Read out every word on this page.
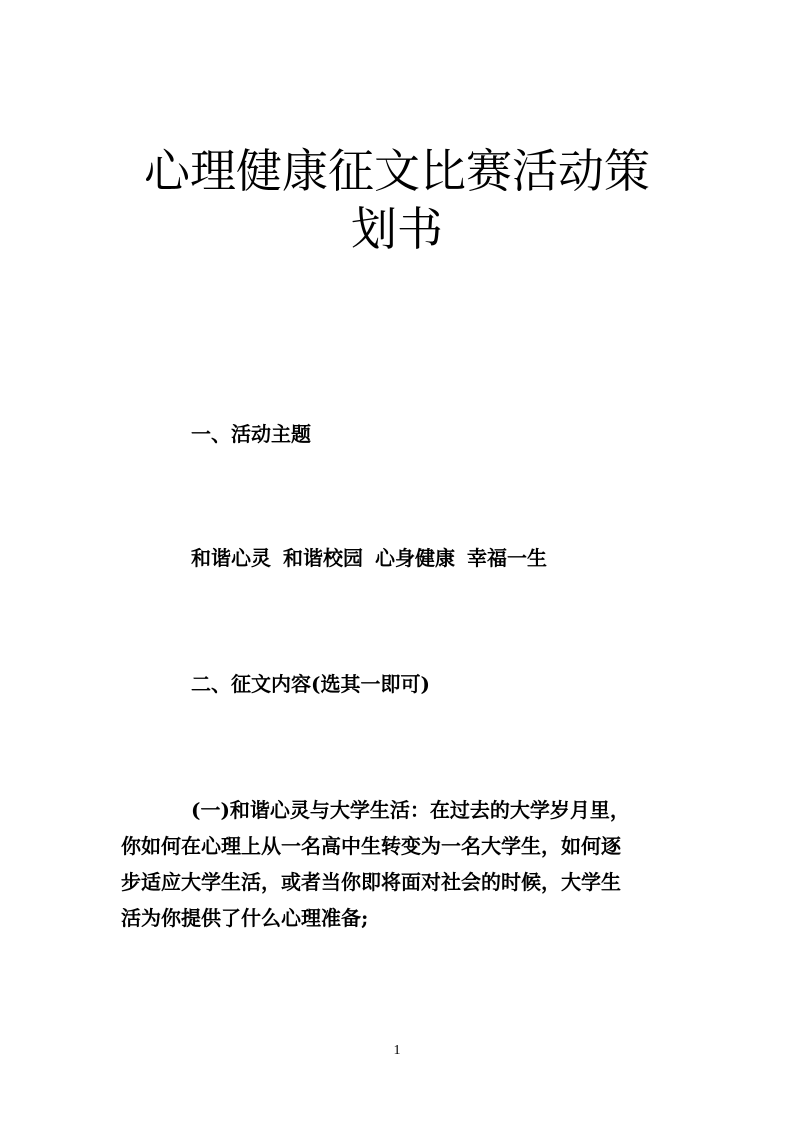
心理健康征文比赛活动策
划书

一、活动主题

和谐心灵 和谐校园 心身健康 幸福一生

二、征文内容(选其一即可)

(一)和谐心灵与大学生活：在过去的大学岁月里，
你如何在心理上从一名高中生转变为一名大学生，如何逐
步适应大学生活，或者当你即将面对社会的时候，大学生
活为你提供了什么心理准备;

1
